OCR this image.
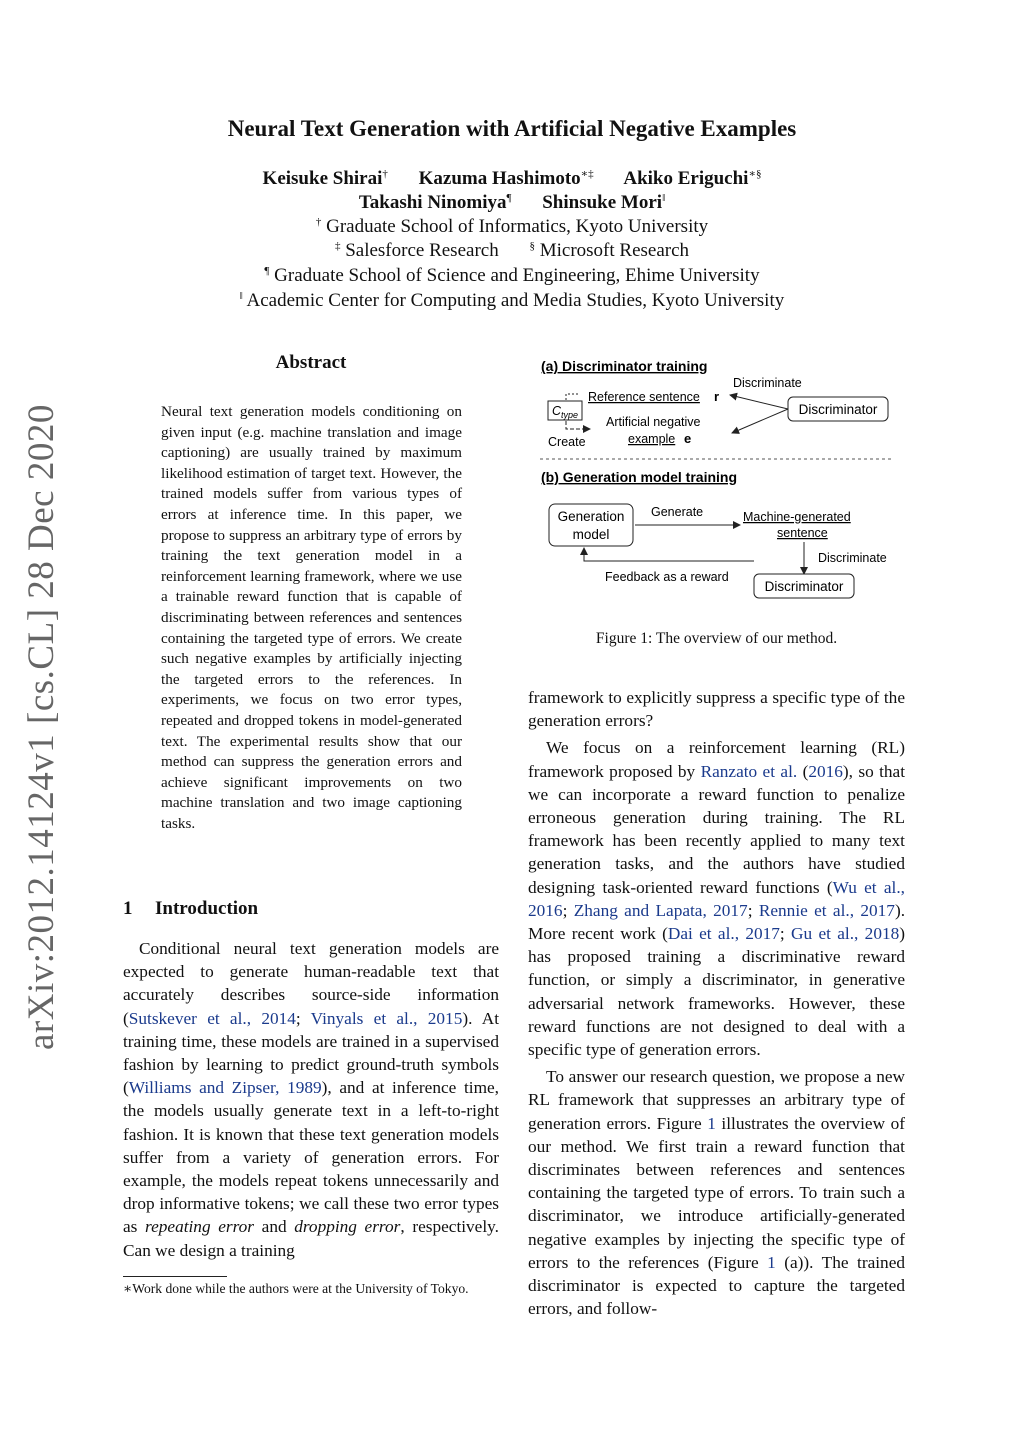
arXiv:2012.14124v1 [cs.CL] 28 Dec 2020
Neural Text Generation with Artificial Negative Examples
Keisuke Shirai† Kazuma Hashimoto∗‡ Akiko Eriguchi∗§
Takashi Ninomiya¶ Shinsuke Mori‖
† Graduate School of Informatics, Kyoto University
‡ Salesforce Research	§ Microsoft Research
¶ Graduate School of Science and Engineering, Ehime University
‖ Academic Center for Computing and Media Studies, Kyoto University
Abstract
Neural text generation models conditioning on given input (e.g. machine translation and image captioning) are usually trained by maximum likelihood estimation of target text. However, the trained models suffer from various types of errors at inference time. In this paper, we propose to suppress an arbitrary type of errors by training the text generation model in a reinforcement learning framework, where we use a trainable reward function that is capable of discriminating between references and sentences containing the targeted type of errors. We create such negative examples by artificially injecting the targeted errors to the references. In experiments, we focus on two error types, repeated and dropped tokens in model-generated text. The experimental results show that our method can suppress the generation errors and achieve significant improvements on two machine translation and two image captioning tasks.
1 Introduction

Conditional neural text generation models are expected to generate human-readable text that accurately describes source-side information (Sutskever et al., 2014; Vinyals et al., 2015). At training time, these models are trained in a supervised fashion by learning to predict ground-truth symbols (Williams and Zipser, 1989), and at inference time, the models usually generate text in a left-to-right fashion. It is known that these text generation models suffer from a variety of generation errors. For example, the models repeat tokens unnecessarily and drop informative tokens; we call these two error types as repeating error and dropping error, respectively. Can we design a training

∗Work done while the authors were at the University of Tokyo.
(a) Discriminator training
Discriminate
Reference sentence r
C type Artificial negative
example e
Create
Discriminator
(b) Generation model training
Generation
model
Generate	Machine-generated
sentence
Discriminate
Discriminator
Feedback as a reward
Figure 1: The overview of our method.

framework to explicitly suppress a specific type of the generation errors?

We focus on a reinforcement learning (RL) framework proposed by Ranzato et al. (2016), so that we can incorporate a reward function to penalize erroneous generation during training. The RL framework has been recently applied to many text generation tasks, and the authors have studied designing task-oriented reward functions (Wu et al., 2016; Zhang and Lapata, 2017; Rennie et al., 2017). More recent work (Dai et al., 2017; Gu et al., 2018) has proposed training a discriminative reward function, or simply a discriminator, in generative adversarial network frameworks. However, these reward functions are not designed to deal with a specific type of generation errors.

To answer our research question, we propose a new RL framework that suppresses an arbitrary type of generation errors. Figure 1 illustrates the overview of our method. We first train a reward function that discriminates between references and sentences containing the targeted type of errors. To train such a discriminator, we introduce artificially-generated negative examples by injecting the specific type of errors to the references (Figure 1 (a)). The trained discriminator is expected to capture the targeted errors, and follow-
